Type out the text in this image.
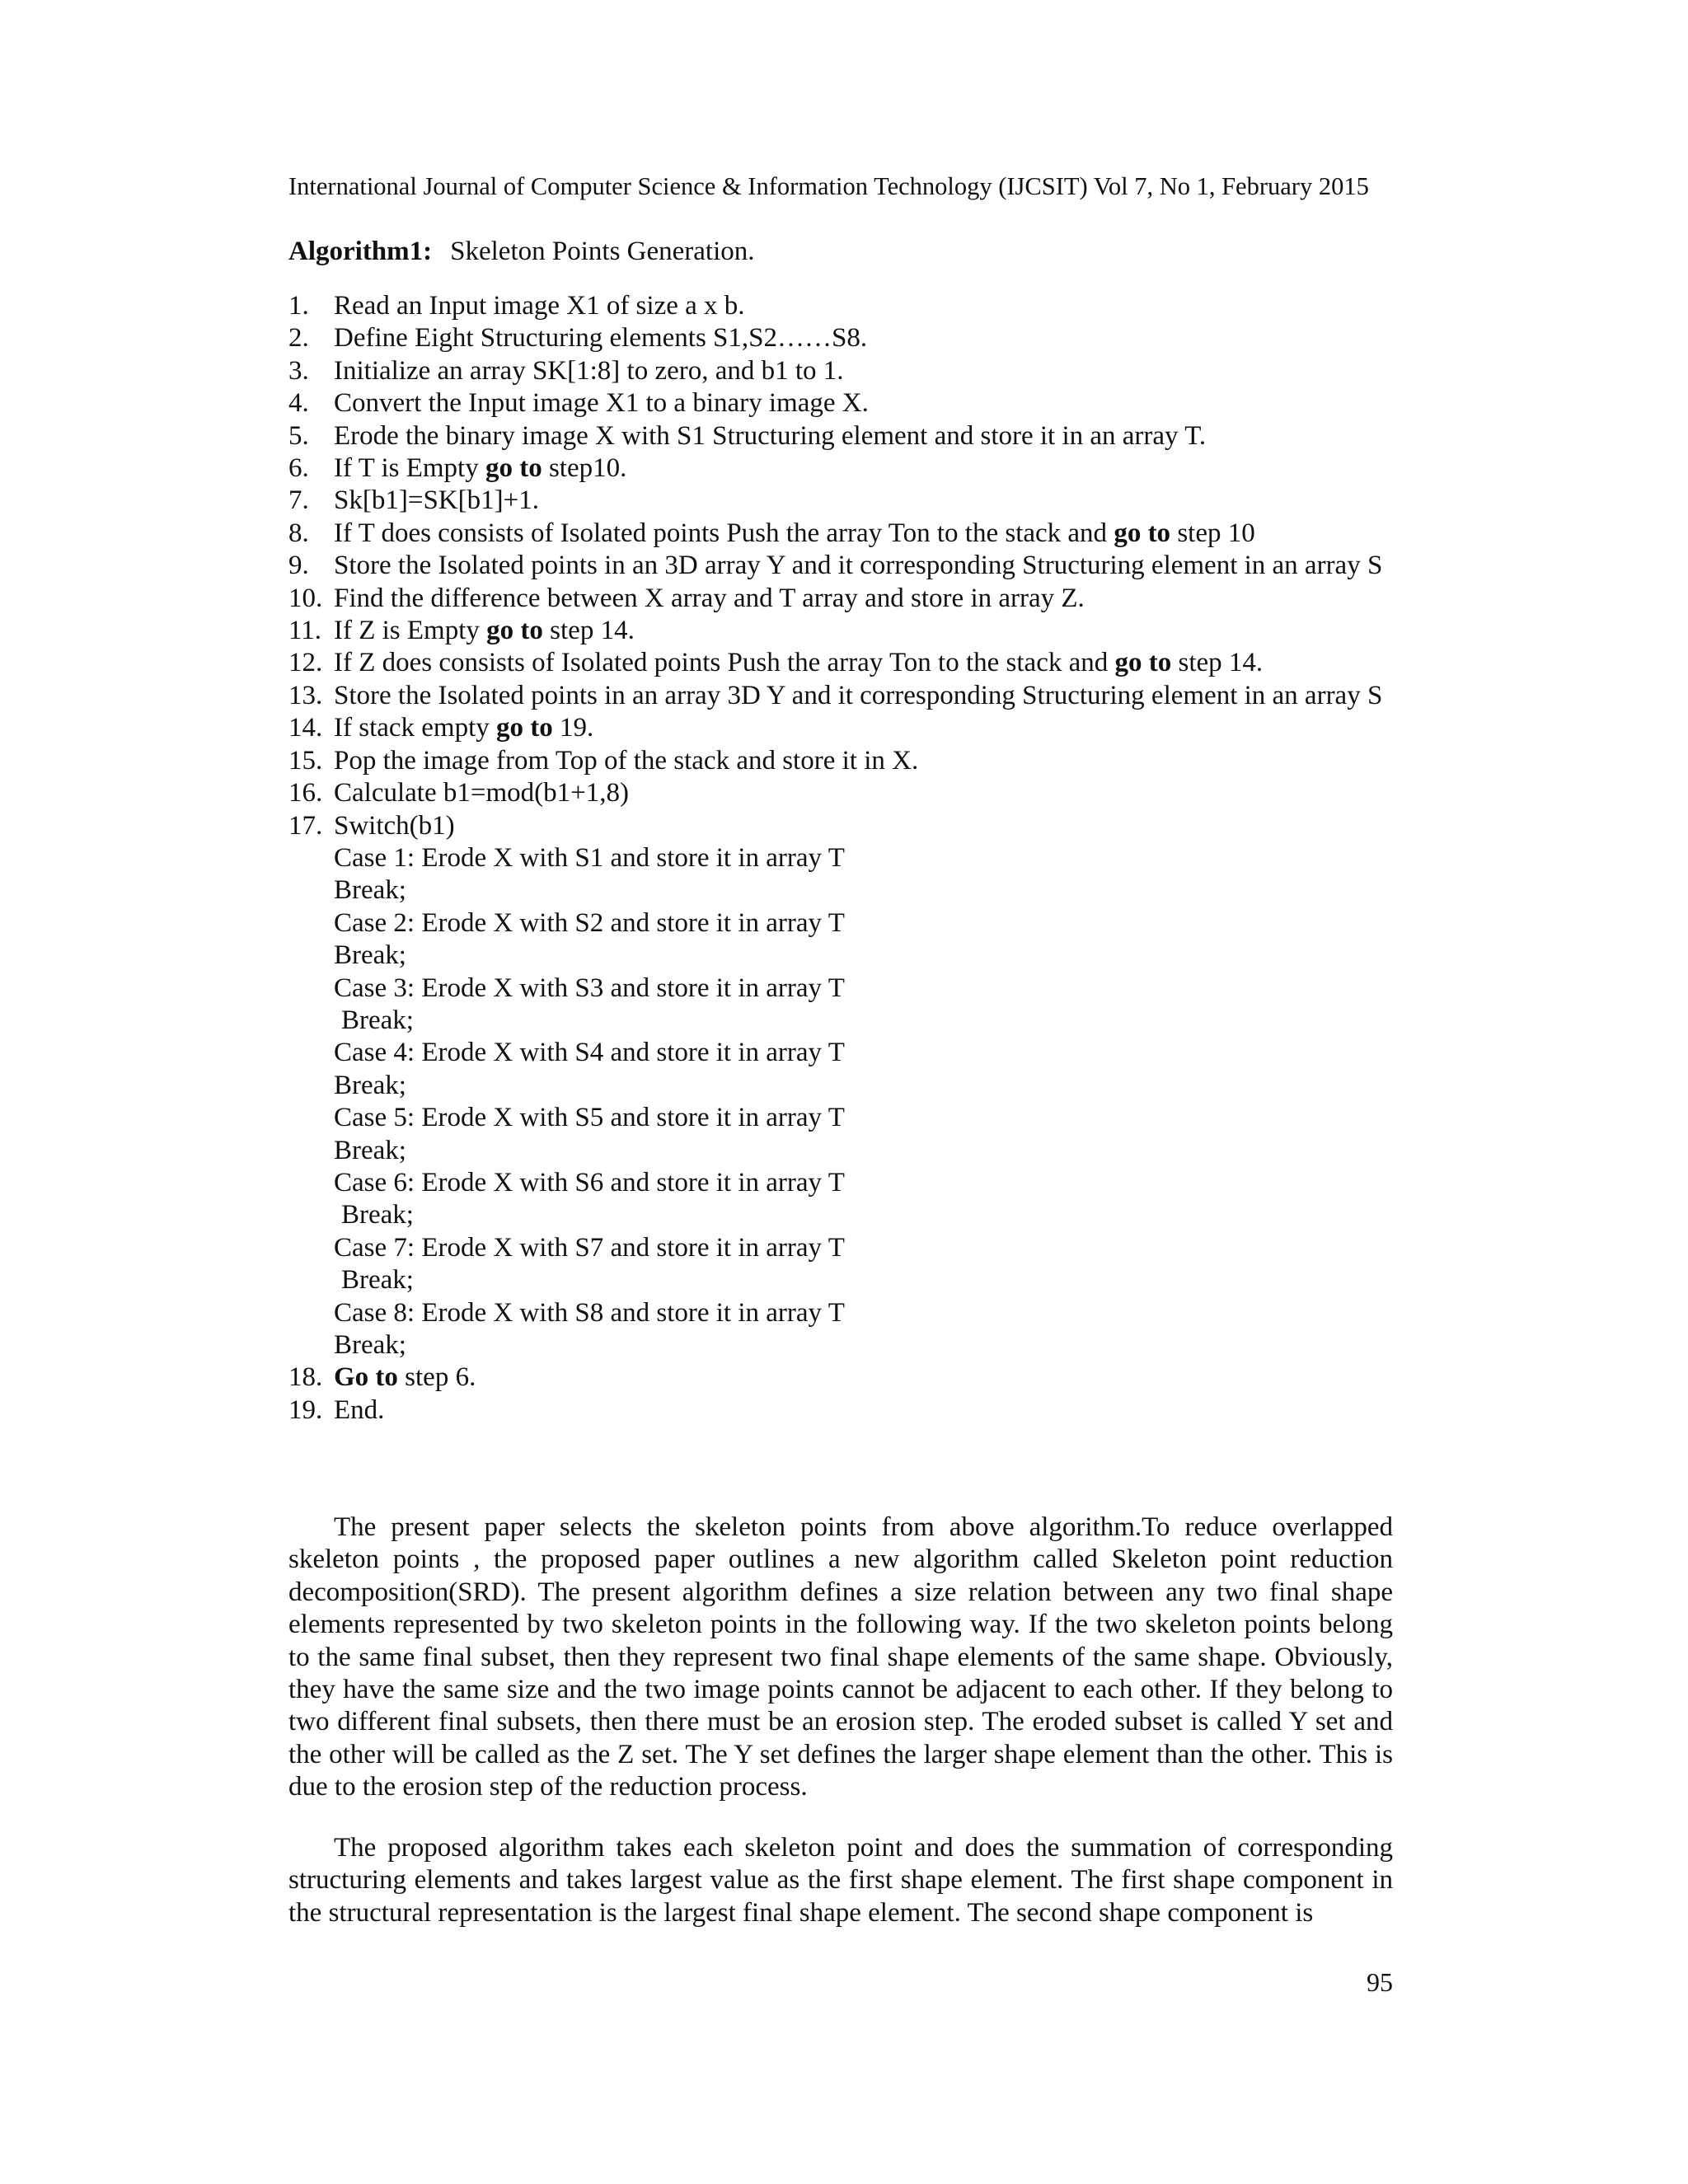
International Journal of Computer Science & Information Technology (IJCSIT) Vol 7, No 1, February 2015
Algorithm1: Skeleton Points Generation.
1. Read an Input image X1 of size a x b.
2. Define Eight Structuring elements S1,S2……S8.
3. Initialize an array SK[1:8] to zero, and b1 to 1.
4. Convert the Input image X1 to a binary image X.
5. Erode the binary image X with S1 Structuring element and store it in an array T.
6. If T is Empty go to step10.
7. Sk[b1]=SK[b1]+1.
8. If T does consists of Isolated points Push the array Ton to the stack and go to step 10
9. Store the Isolated points in an 3D array Y and it corresponding Structuring element in an array S
10. Find the difference between X array and T array and store in array Z.
11. If Z is Empty go to step 14.
12. If Z does consists of Isolated points Push the array Ton to the stack and go to step 14.
13. Store the Isolated points in an array 3D Y and it corresponding Structuring element in an array S
14. If stack empty go to 19.
15. Pop the image from Top of the stack and store it in X.
16. Calculate b1=mod(b1+1,8)
17. Switch(b1)
Case 1: Erode X with S1 and store it in array T
Break;
Case 2: Erode X with S2 and store it in array T
Break;
Case 3: Erode X with S3 and store it in array T
Break;
Case 4: Erode X with S4 and store it in array T
Break;
Case 5: Erode X with S5 and store it in array T
Break;
Case 6: Erode X with S6 and store it in array T
Break;
Case 7: Erode X with S7 and store it in array T
Break;
Case 8: Erode X with S8 and store it in array T
Break;
18. Go to step 6.
19. End.

The present paper selects the skeleton points from above algorithm.To reduce overlapped skeleton points , the proposed paper outlines a new algorithm called Skeleton point reduction decomposition(SRD). The present algorithm defines a size relation between any two final shape elements represented by two skeleton points in the following way. If the two skeleton points belong to the same final subset, then they represent two final shape elements of the same shape. Obviously, they have the same size and the two image points cannot be adjacent to each other. If they belong to two different final subsets, then there must be an erosion step. The eroded subset is called Y set and the other will be called as the Z set. The Y set defines the larger shape element than the other. This is due to the erosion step of the reduction process.

The proposed algorithm takes each skeleton point and does the summation of corresponding structuring elements and takes largest value as the first shape element. The first shape component in the structural representation is the largest final shape element. The second shape component is

95
